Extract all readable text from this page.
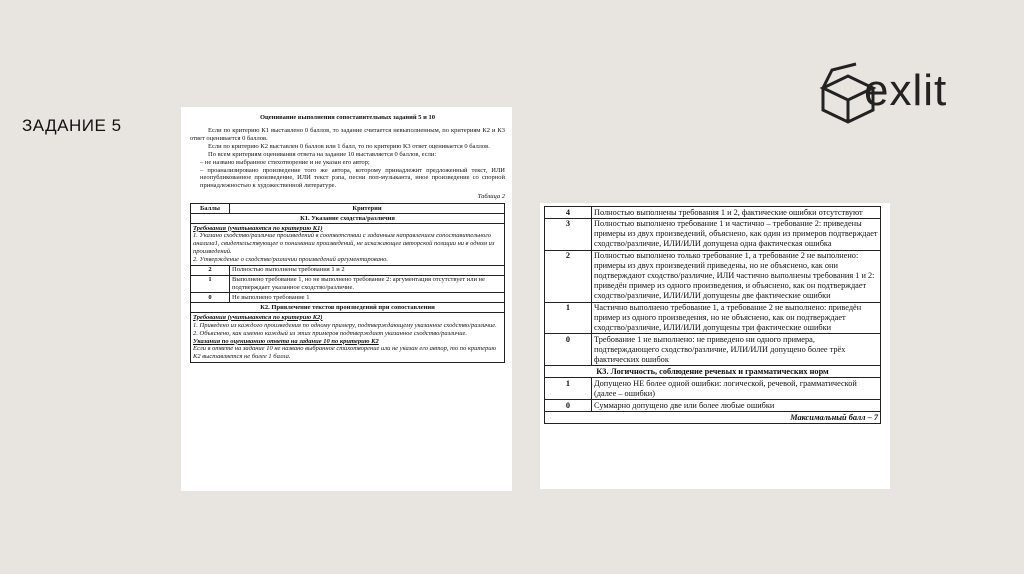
ЗАДАНИЕ 5
exlit
Оценивание выполнения сопоставительных заданий 5 и 10

Если по критерию К1 выставлено 0 баллов, то задание считается невыполненным, по критериям К2 и К3 ответ оценивается 0 баллов.

Если по критерию К2 выставлен 0 баллов или 1 балл, то по критерию К3 ответ оценивается 0 баллов.

По всем критериям оценивания ответа на задание 10 выставляется 0 баллов, если:

– не названо выбранное стихотворение и не указан его автор;

– проанализировано произведение того же автора, которому принадлежит предложенный текст, ИЛИ неопубликованное произведение, ИЛИ текст рэпа, песни поп-музыканта, иное произведение со спорной принадлежностью к художественной литературе.

Таблица 2
Баллы	Критерии
К1. Указание сходства/различия	

Требования (учитываются по критерию К1)
1. Указано сходство/различие произведений в соответствии с заданным направлением сопоставительного анализа1, свидетельствующее о понимании произведений, не искажающее авторской позиции ни в одном из произведений.
2. Утверждение о сходстве/различии произведений аргументировано.	

2	Полностью выполнены требования 1 и 2
1	Выполнено требование 1, но не выполнено требование 2: аргументация отсутствует или не подтверждает указанное сходство/различие.
0	Не выполнено требование 1
К2. Привлечение текстов произведений при сопоставлении	

Требования (учитываются по критерию К2)
1. Приведено из каждого произведения по одному примеру, подтверждающему указанное сходство/различие.
2. Объяснено, как именно каждый из этих примеров подтверждает указанное сходство/различие.
Указания по оцениванию ответа на задание 10 по критерию К2
Если в ответе на задание 10 не названо выбранное стихотворение или не указан его автор, то по критерию К2 выставляется не более 1 балла.	
4	Полностью выполнены требования 1 и 2, фактические ошибки отсутствуют
3	Полностью выполнено требование 1 и частично – требование 2: приведены примеры из двух произведений, объяснено, как один из примеров подтверждает сходство/различие, ИЛИ/ИЛИ допущена одна фактическая ошибка
2	Полностью выполнено только требование 1, а требование 2 не выполнено: примеры из двух произведений приведены, но не объяснено, как они подтверждают сходство/различие, ИЛИ частично выполнены требования 1 и 2: приведён пример из одного произведения, и объяснено, как он подтверждает сходство/различие, ИЛИ/ИЛИ допущены две фактические ошибки
1	Частично выполнено требование 1, а требование 2 не выполнено: приведён пример из одного произведения, но не объяснено, как он подтверждает сходство/различие, ИЛИ/ИЛИ допущены три фактические ошибки
0	Требование 1 не выполнено: не приведено ни одного примера, подтверждающего сходство/различие, ИЛИ/ИЛИ допущено более трёх фактических ошибок
К3. Логичность, соблюдение речевых и грамматических норм	
1	Допущено НЕ более одной ошибки: логической, речевой, грамматической (далее – ошибки)
0	Суммарно допущено две или более любые ошибки
Максимальный балл – 7	
